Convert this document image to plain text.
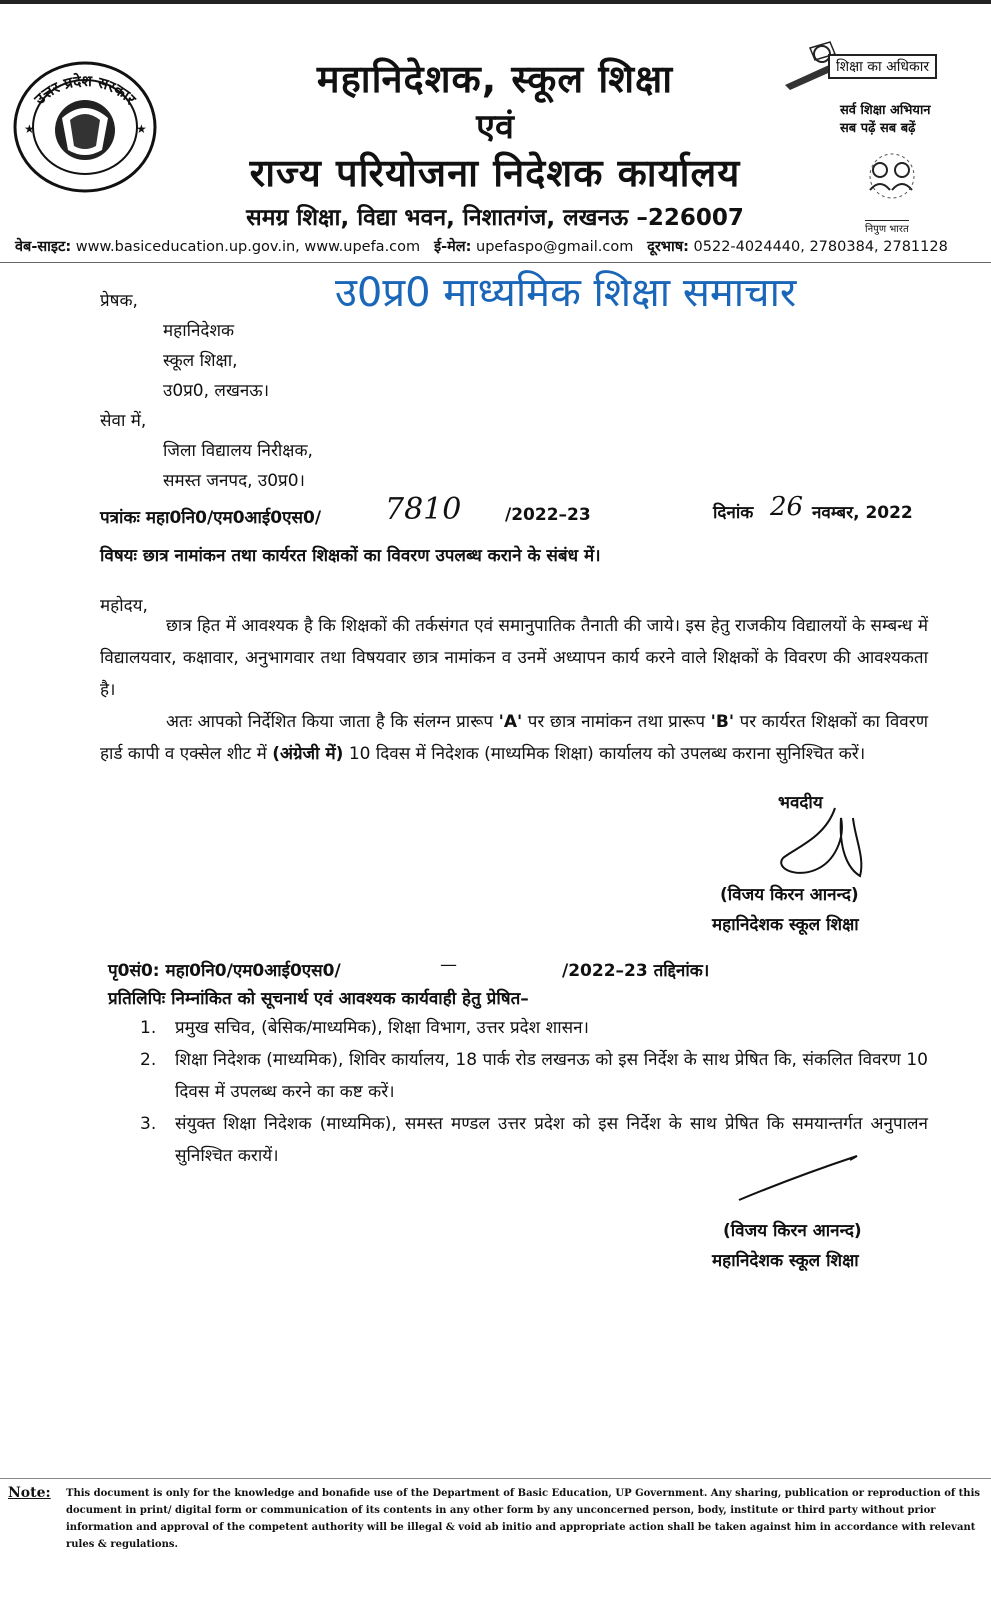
उत्तर प्रदेश सरकार
★	★
महानिदेशक, स्कूल शिक्षा
एवं
राज्य परियोजना निदेशक कार्यालय
समग्र शिक्षा, विद्या भवन, निशातगंज, लखनऊ –226007
शिक्षा का अधिकार
सर्व शिक्षा अभियान
सब पढ़ें सब बढ़ें
निपुण भारत
वेब-साइट: www.basiceducation.up.gov.in, www.upefa.com ई-मेल: upefaspo@gmail.com दूरभाष: 0522-4024440, 2780384, 2781128
उ0प्र0 माध्यमिक शिक्षा समाचार
प्रेषक,
महानिदेशक
स्कूल शिक्षा,
उ0प्र0, लखनऊ।
सेवा में,
जिला विद्यालय निरीक्षक,
समस्त जनपद, उ0प्र0।
पत्रांकः महा0नि0/एम0आई0एस0/ 7810	/2022–23	दिनांक 26 नवम्बर, 2022
विषयः छात्र नामांकन तथा कार्यरत शिक्षकों का विवरण उपलब्ध कराने के संबंध में।
महोदय,
छात्र हित में आवश्यक है कि शिक्षकों की तर्कसंगत एवं समानुपातिक तैनाती की जाये। इस हेतु राजकीय विद्यालयों के सम्बन्ध में विद्यालयवार, कक्षावार, अनुभागवार तथा विषयवार छात्र नामांकन व उनमें अध्यापन कार्य करने वाले शिक्षकों के विवरण की आवश्यकता है।
अतः आपको निर्देशित किया जाता है कि संलग्न प्रारूप 'A' पर छात्र नामांकन तथा प्रारूप 'B' पर कार्यरत शिक्षकों का विवरण हार्ड कापी व एक्सेल शीट में (अंग्रेजी में) 10 दिवस में निदेशक (माध्यमिक शिक्षा) कार्यालय को उपलब्ध कराना सुनिश्चित करें।
भवदीय
(विजय किरन आनन्द)
महानिदेशक स्कूल शिक्षा
पृ0सं0: महा0नि0/एम0आई0एस0/	—	/2022–23 तद्दिनांक।
प्रतिलिपिः निम्नांकित को सूचनार्थ एवं आवश्यक कार्यवाही हेतु प्रेषित–
1. प्रमुख सचिव, (बेसिक/माध्यमिक), शिक्षा विभाग, उत्तर प्रदेश शासन।
2. शिक्षा निदेशक (माध्यमिक), शिविर कार्यालय, 18 पार्क रोड लखनऊ को इस निर्देश के साथ प्रेषित कि, संकलित विवरण 10 दिवस में उपलब्ध करने का कष्ट करें।
3. संयुक्त शिक्षा निदेशक (माध्यमिक), समस्त मण्डल उत्तर प्रदेश को इस निर्देश के साथ प्रेषित कि समयान्तर्गत अनुपालन सुनिश्चित करायें।
(विजय किरन आनन्द)
महानिदेशक स्कूल शिक्षा
Note: This document is only for the knowledge and bonafide use of the Department of Basic Education, UP Government. Any sharing, publication or reproduction of this document in print/ digital form or communication of its contents in any other form by any unconcerned person, body, institute or third party without prior information and approval of the competent authority will be illegal & void ab initio and appropriate action shall be taken against him in accordance with relevant rules & regulations.
